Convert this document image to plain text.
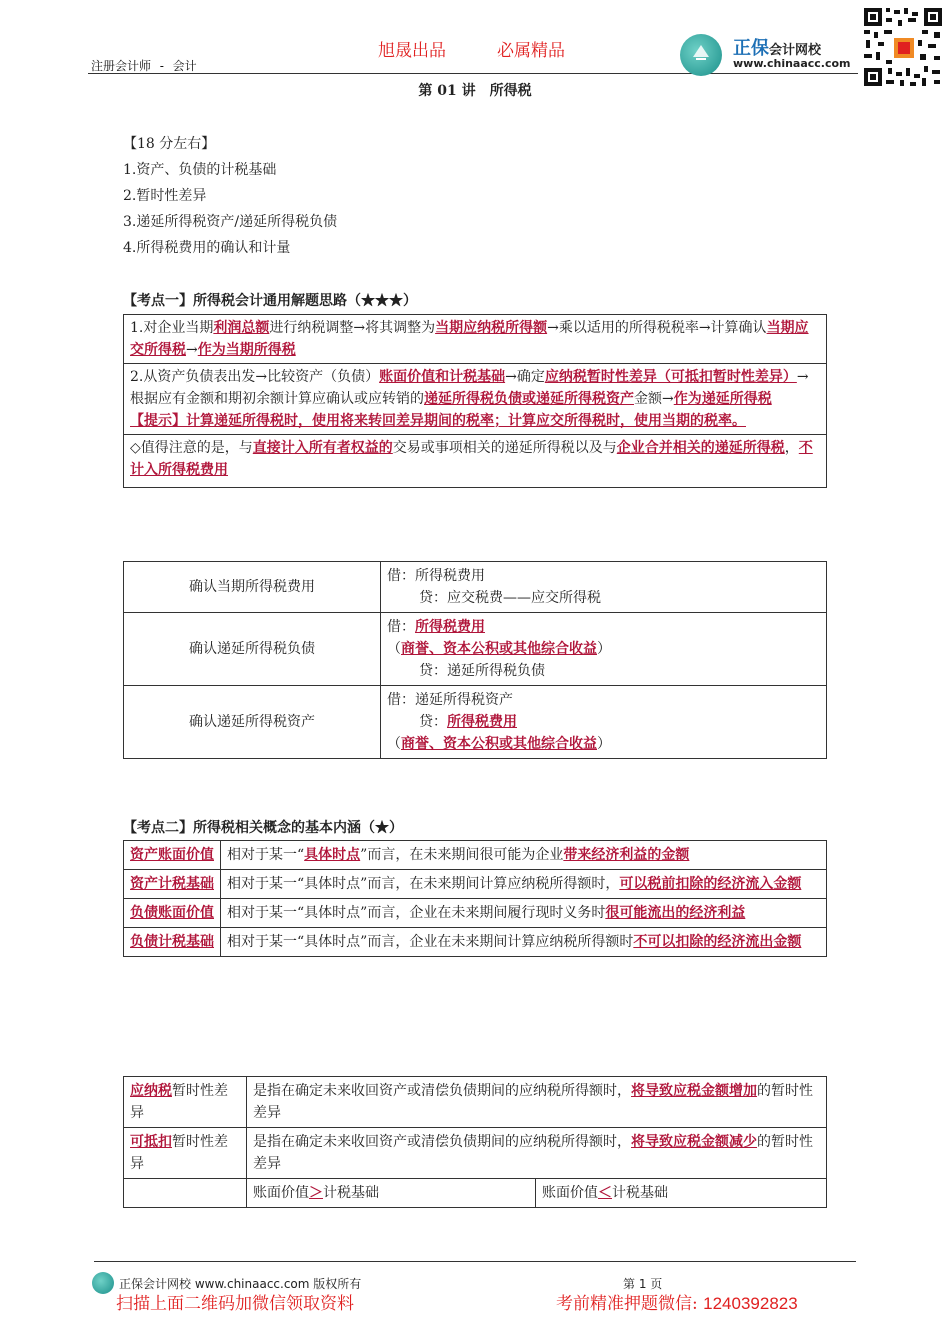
旭晟出品	必属精品
注册会计师 - 会计
正保会计网校
www.chinaacc.com

第 01 讲　所得税
【18 分左右】
1.资产、负债的计税基础
2.暂时性差异
3.递延所得税资产/递延所得税负债
4.所得税费用的确认和计量
【考点一】所得税会计通用解题思路（★★★）
1.对企业当期利润总额进行纳税调整→将其调整为当期应纳税所得额→乘以适用的所得税税率→计算确认当期应交所得税→作为当期所得税
2.从资产负债表出发→比较资产（负债）账面价值和计税基础→确定应纳税暂时性差异（可抵扣暂时性差异）→根据应有金额和期初余额计算应确认或应转销的递延所得税负债或递延所得税资产金额→作为递延所得税
【提示】计算递延所得税时，使用将来转回差异期间的税率；计算应交所得税时，使用当期的税率。
◇值得注意的是，与直接计入所有者权益的交易或事项相关的递延所得税以及与企业合并相关的递延所得税，不计入所得税费用
确认当期所得税费用	借：所得税费用
贷：应交税费——应交所得税

确认递延所得税负债	借：所得税费用
（商誉、资本公积或其他综合收益）
贷：递延所得税负债

确认递延所得税资产	借：递延所得税资产
贷：所得税费用
（商誉、资本公积或其他综合收益）
【考点二】所得税相关概念的基本内涵（★）
资产账面价值	相对于某一“具体时点”而言，在未来期间很可能为企业带来经济利益的金额
资产计税基础	相对于某一“具体时点”而言，在未来期间计算应纳税所得额时，可以税前扣除的经济流入金额
负债账面价值	相对于某一“具体时点”而言，企业在未来期间履行现时义务时很可能流出的经济利益
负债计税基础	相对于某一“具体时点”而言，企业在未来期间计算应纳税所得额时不可以扣除的经济流出金额
应纳税暂时性差异	是指在确定未来收回资产或清偿负债期间的应纳税所得额时，将导致应税金额增加的暂时性差异	
可抵扣暂时性差异	是指在确定未来收回资产或清偿负债期间的应纳税所得额时，将导致应税金额减少的暂时性差异	
	账面价值＞计税基础	账面价值＜计税基础
正保会计网校 www.chinaacc.com 版权所有	第 1 页
扫描上面二维码加微信领取资料	考前精准押题微信: 1240392823
